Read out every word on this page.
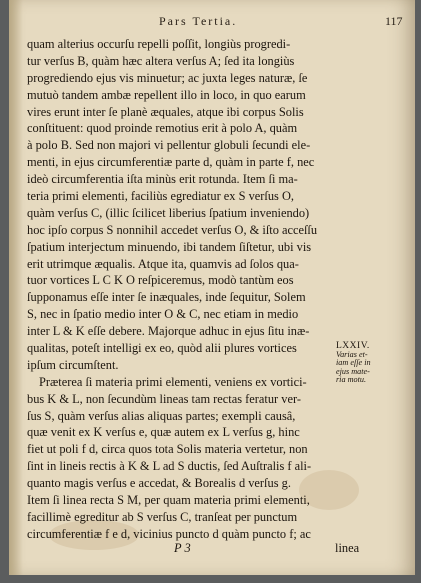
Pars Tertia.	117
quam alterius occurſu repelli poſſit, longiùs progredi-
tur verſus B, quàm hæc altera verſus A; ſed ita longiùs
progrediendo ejus vis minuetur; ac juxta leges naturæ, ſe
mutuò tandem ambæ repellent illo in loco, in quo earum
vires erunt inter ſe planè æquales, atque ibi corpus Solis
conſtituent: quod proinde remotius erit à polo A, quàm
à polo B. Sed non majori vi pellentur globuli ſecundi ele-
menti, in ejus circumferentiæ parte d, quàm in parte f, nec
ideò circumferentia iſta minùs erit rotunda. Item ſi ma-
teria primi elementi, faciliùs egrediatur ex S verſus O,
quàm verſus C, (illic ſcilicet liberius ſpatium inveniendo)
hoc ipſo corpus S nonnihil accedet verſus O, & iſto acceſſu
ſpatium interjectum minuendo, ibi tandem ſiſtetur, ubi vis
erit utrimque æqualis. Atque ita, quamvis ad ſolos qua-
tuor vortices L C K O reſpiceremus, modò tantùm eos
ſupponamus eſſe inter ſe inæquales, inde ſequitur, Solem
S, nec in ſpatio medio inter O & C, nec etiam in medio
inter L & K eſſe debere. Majorque adhuc in ejus ſitu inæ-
qualitas, poteſt intelligi ex eo, quòd alii plures vortices
ipſum circumſtent.
Præterea ſi materia primi elementi, veniens ex vortici-
bus K & L, non ſecundùm lineas tam rectas feratur ver-
ſus S, quàm verſus alias aliquas partes; exempli causâ,
quæ venit ex K verſus e, quæ autem ex L verſus g, hinc
fiet ut poli f d, circa quos tota Solis materia vertetur, non
ſint in lineis rectis à K & L ad S ductis, ſed Auſtralis f ali-
quanto magis verſus e accedat, & Borealis d verſus g.
Item ſi linea recta S M, per quam materia primi elementi,
facillimè egreditur ab S verſus C, tranſeat per punctum
circumferentiæ f e d, vicinius puncto d quàm puncto f; ac
LXXIV.
Varias et-
iam eſſe in
ejus mate-
ria motu.
P 3	linea
